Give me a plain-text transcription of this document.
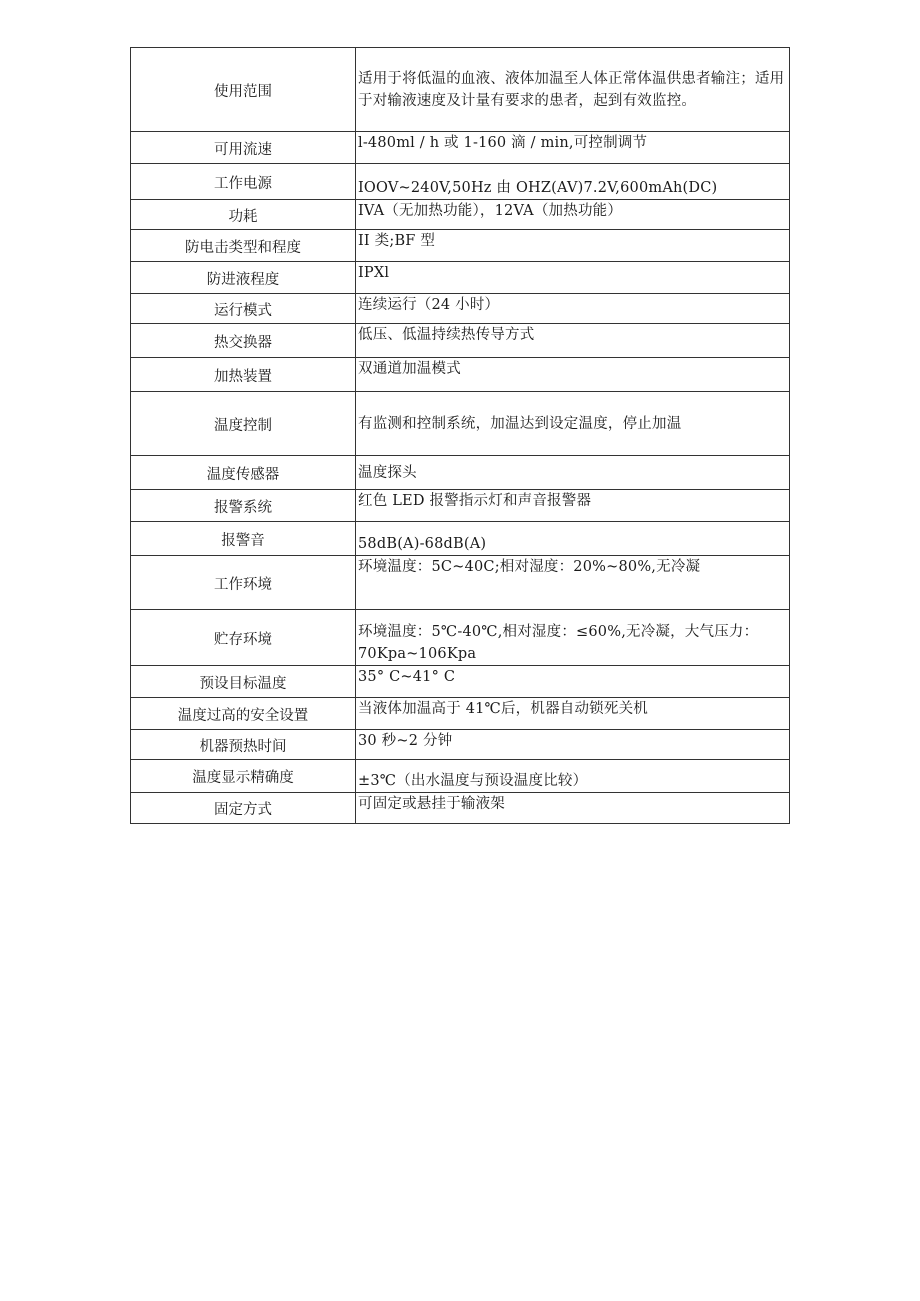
使用范围	适用于将低温的血液、液体加温至人体正常体温供患者输注；适用于对输液速度及计量有要求的患者，起到有效监控。
可用流速	l-480ml / h 或 1-160 滴 / min,可控制调节
工作电源	IOOV~240V,50Hz 由 OHZ(AV)7.2V,600mAh(DC)
功耗	IVA（无加热功能），12VA（加热功能）
防电击类型和程度	II 类;BF 型
防进液程度	IPXl
运行模式	连续运行（24 小时）
热交换器	低压、低温持续热传导方式
加热装置	双通道加温模式
温度控制	有监测和控制系统，加温达到设定温度，停止加温
温度传感器	温度探头
报警系统	红色 LED 报警指示灯和声音报警器
报警音	58dB(A)-68dB(A)
工作环境	环境温度：5C~40C;相对湿度：20%~80%,无冷凝
贮存环境	环境温度：5℃-40℃,相对湿度：≤60%,无冷凝，大气压力：70Kpa~106Kpa
预设目标温度	35° C~41° C
温度过高的安全设置	当液体加温高于 41℃后，机器自动锁死关机
机器预热时间	30 秒~2 分钟
温度显示精确度	±3℃（出水温度与预设温度比较）
固定方式	可固定或悬挂于输液架
